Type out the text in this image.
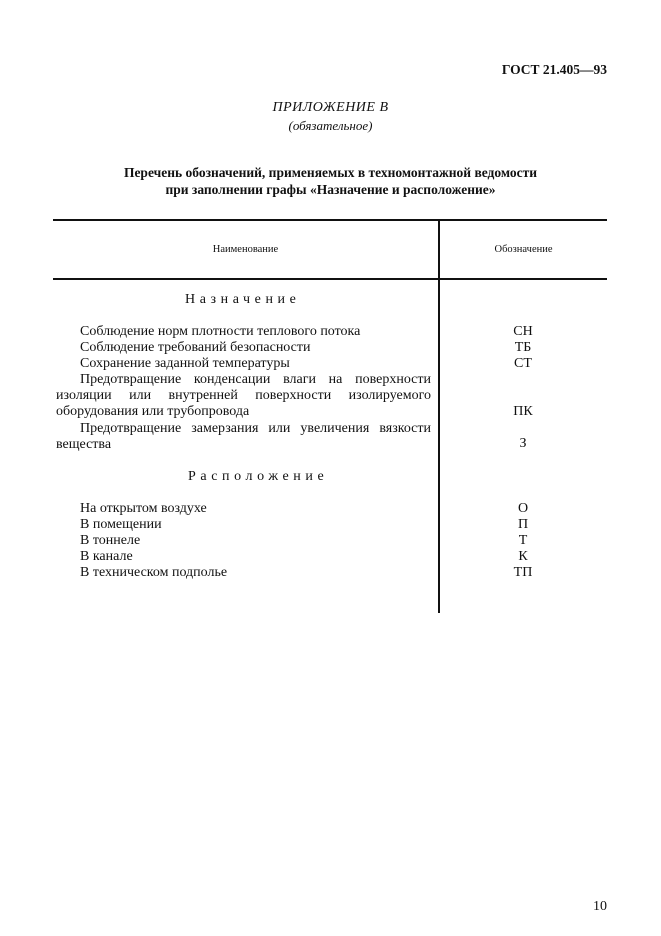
ГОСТ 21.405—93
ПРИЛОЖЕНИЕ В
(обязательное)
Перечень обозначений, применяемых в техномонтажной ведомости
при заполнении графы «Назначение и расположение»
Наименование	Обозначение
Назначение
Соблюдение норм плотности теплового потока	СН
Соблюдение требований безопасности	ТБ
Сохранение заданной температуры	СТ
Предотвращение конденсации влаги на поверхности
изоляции или внутренней поверхности изолируемого
оборудования или трубопровода	ПК
Предотвращение замерзания или увеличения вязкости
вещества	З
Расположение
На открытом воздухе	О
В помещении	П
В тоннеле	Т
В канале	К
В техническом подполье	ТП
10
